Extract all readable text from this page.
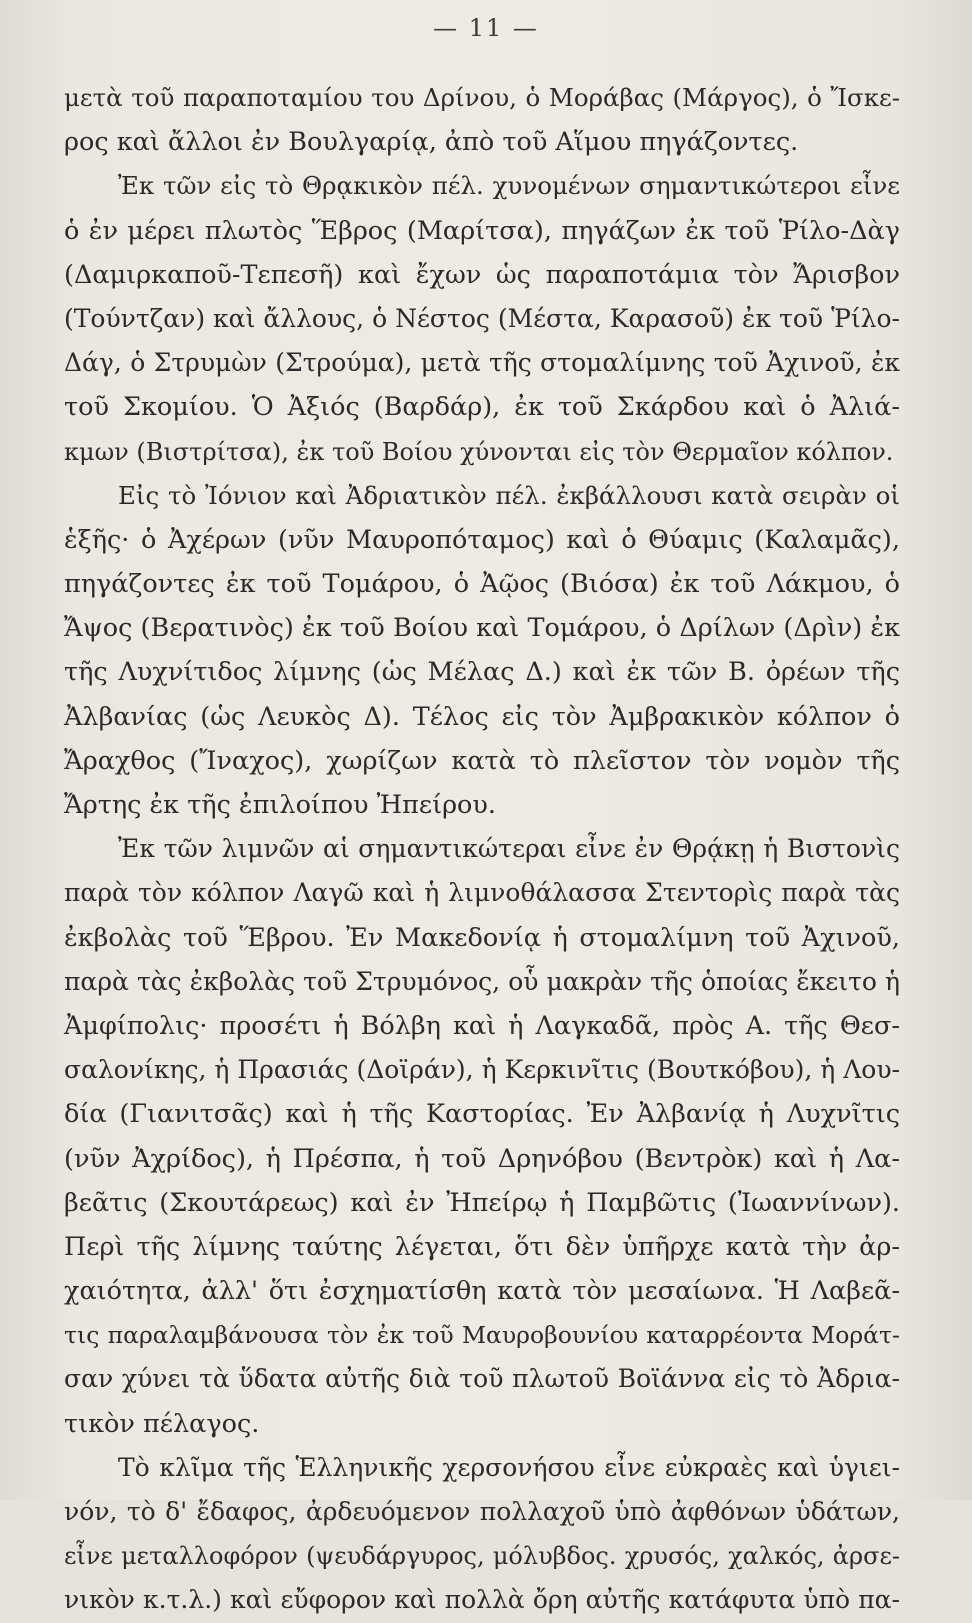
— 11 —
μετὰ τοῦ παραποταμίου του Δρίνου, ὁ Μοράβας (Μάργος), ὁ Ἴσκε-
ρος καὶ ἄλλοι ἐν Βουλγαρίᾳ, ἀπὸ τοῦ Αἵμου πηγάζοντες.
Ἐκ τῶν εἰς τὸ Θρᾳκικὸν πέλ. χυνομένων σημαντικώτεροι εἶνε
ὁ ἐν μέρει πλωτὸς Ἕβρος (Μαρίτσα), πηγάζων ἐκ τοῦ Ῥίλο-Δὰγ
(Δαμιρκαποῦ-Τεπεσῆ) καὶ ἔχων ὡς παραποτάμια τὸν Ἄρισβον
(Τούντζαν) καὶ ἄλλους, ὁ Νέστος (Μέστα, Καρασοῦ) ἐκ τοῦ Ῥίλο-
Δάγ, ὁ Στρυμὼν (Στρούμα), μετὰ τῆς στομαλίμνης τοῦ Ἀχινοῦ, ἐκ
τοῦ Σκομίου. Ὁ Ἀξιός (Βαρδάρ), ἐκ τοῦ Σκάρδου καὶ ὁ Ἀλιά-
κμων (Βιστρίτσα), ἐκ τοῦ Βοίου χύνονται εἰς τὸν Θερμαῖον κόλπον.
Εἰς τὸ Ἰόνιον καὶ Ἀδριατικὸν πέλ. ἐκβάλλουσι κατὰ σειρὰν οἱ
ἑξῆς· ὁ Ἀχέρων (νῦν Μαυροπόταμος) καὶ ὁ Θύαμις (Καλαμᾶς),
πηγάζοντες ἐκ τοῦ Τομάρου, ὁ Ἀῷος (Βιόσα) ἐκ τοῦ Λάκμου, ὁ
Ἄψος (Βερατινὸς) ἐκ τοῦ Βοίου καὶ Τομάρου, ὁ Δρίλων (Δρὶν) ἐκ
τῆς Λυχνίτιδος λίμνης (ὡς Μέλας Δ.) καὶ ἐκ τῶν Β. ὀρέων τῆς
Ἀλβανίας (ὡς Λευκὸς Δ). Τέλος εἰς τὸν Ἀμβρακικὸν κόλπον ὁ
Ἄραχθος (Ἴναχος), χωρίζων κατὰ τὸ πλεῖστον τὸν νομὸν τῆς
Ἄρτης ἐκ τῆς ἐπιλοίπου Ἠπείρου.
Ἐκ τῶν λιμνῶν αἱ σημαντικώτεραι εἶνε ἐν Θρᾴκῃ ἡ Βιστονὶς
παρὰ τὸν κόλπον Λαγῶ καὶ ἡ λιμνοθάλασσα Στεντορὶς παρὰ τὰς
ἐκβολὰς τοῦ Ἕβρου. Ἐν Μακεδονίᾳ ἡ στομαλίμνη τοῦ Ἀχινοῦ,
παρὰ τὰς ἐκβολὰς τοῦ Στρυμόνος, οὗ μακρὰν τῆς ὁποίας ἔκειτο ἡ
Ἀμφίπολις· προσέτι ἡ Βόλβη καὶ ἡ Λαγκαδᾶ, πρὸς Α. τῆς Θεσ-
σαλονίκης, ἡ Πρασιάς (Δοϊράν), ἡ Κερκινῖτις (Βουτκόβου), ἡ Λου-
δία (Γιανιτσᾶς) καὶ ἡ τῆς Καστορίας. Ἐν Ἀλβανίᾳ ἡ Λυχνῖτις
(νῦν Ἀχρίδος), ἡ Πρέσπα, ἡ τοῦ Δρηνόβου (Βεντρὸκ) καὶ ἡ Λα-
βεᾶτις (Σκουτάρεως) καὶ ἐν Ἠπείρῳ ἡ Παμβῶτις (Ἰωαννίνων).
Περὶ τῆς λίμνης ταύτης λέγεται, ὅτι δὲν ὑπῆρχε κατὰ τὴν ἀρ-
χαιότητα, ἀλλ' ὅτι ἐσχηματίσθη κατὰ τὸν μεσαίωνα. Ἡ Λαβεᾶ-
τις παραλαμβάνουσα τὸν ἐκ τοῦ Μαυροβουνίου καταρρέοντα Μοράτ-
σαν χύνει τὰ ὕδατα αὐτῆς διὰ τοῦ πλωτοῦ Βοϊάννα εἰς τὸ Ἀδρια-
τικὸν πέλαγος.
Τὸ κλῖμα τῆς Ἑλληνικῆς χερσονήσου εἶνε εὐκραὲς καὶ ὑγιει-
νόν, τὸ δ' ἔδαφος, ἀρδευόμενον πολλαχοῦ ὑπὸ ἀφθόνων ὑδάτων,
εἶνε μεταλλοφόρον (ψευδάργυρος, μόλυβδος. χρυσός, χαλκός, ἀρσε-
νικὸν κ.τ.λ.) καὶ εὔφορον καὶ πολλὰ ὄρη αὐτῆς κατάφυτα ὑπὸ πα-
